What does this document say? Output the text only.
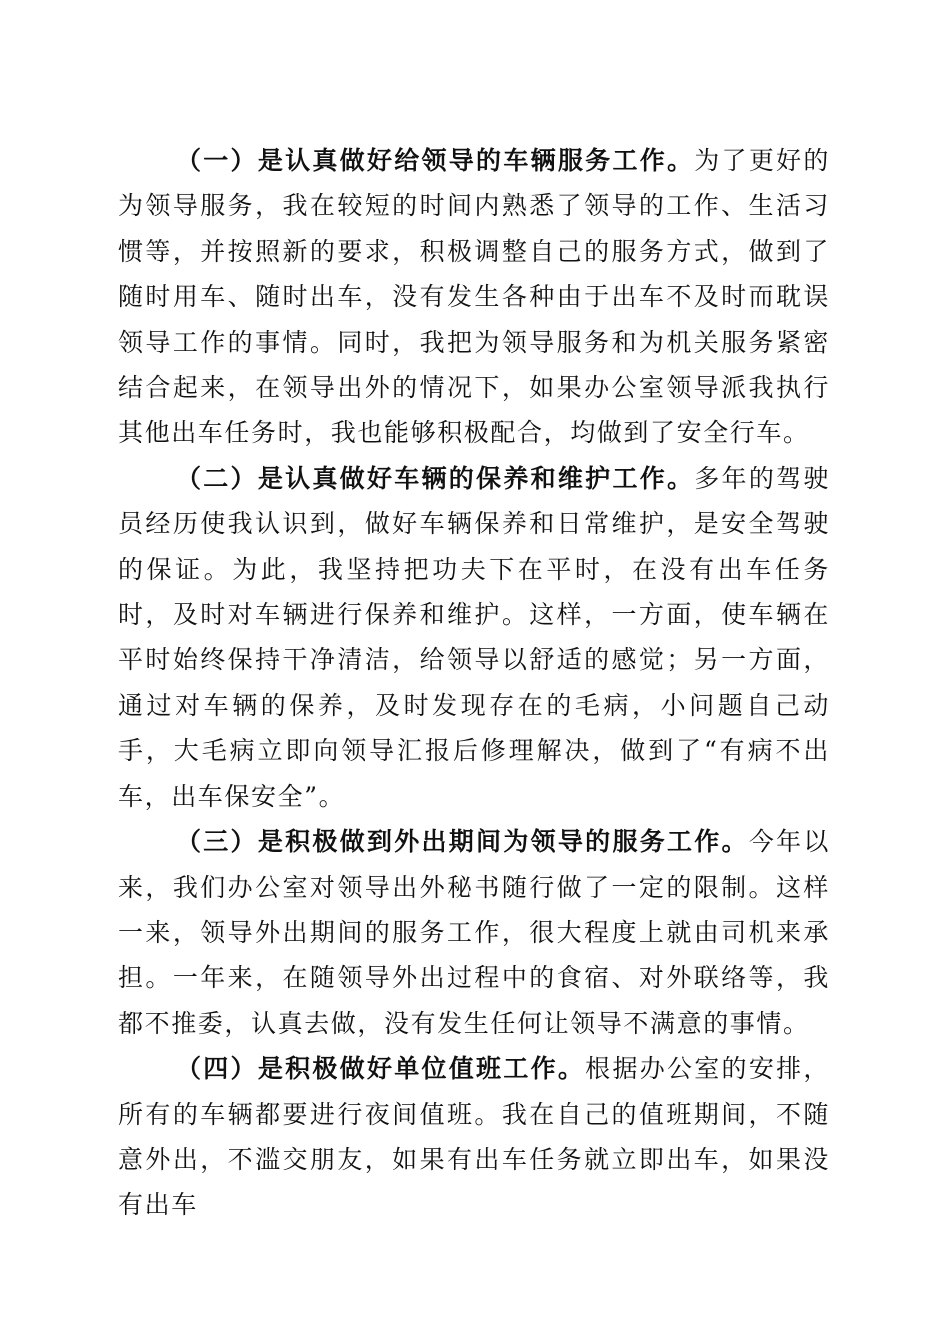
（一）是认真做好给领导的车辆服务工作。为了更好的为领导服务，我在较短的时间内熟悉了领导的工作、生活习惯等，并按照新的要求，积极调整自己的服务方式，做到了随时用车、随时出车，没有发生各种由于出车不及时而耽误领导工作的事情。同时，我把为领导服务和为机关服务紧密结合起来，在领导出外的情况下，如果办公室领导派我执行其他出车任务时，我也能够积极配合，均做到了安全行车。

（二）是认真做好车辆的保养和维护工作。多年的驾驶员经历使我认识到，做好车辆保养和日常维护，是安全驾驶的保证。为此，我坚持把功夫下在平时，在没有出车任务时，及时对车辆进行保养和维护。这样，一方面，使车辆在平时始终保持干净清洁，给领导以舒适的感觉；另一方面，通过对车辆的保养，及时发现存在的毛病，小问题自己动手，大毛病立即向领导汇报后修理解决，做到了“有病不出车，出车保安全”。

（三）是积极做到外出期间为领导的服务工作。今年以来，我们办公室对领导出外秘书随行做了一定的限制。这样一来，领导外出期间的服务工作，很大程度上就由司机来承担。一年来，在随领导外出过程中的食宿、对外联络等，我都不推委，认真去做，没有发生任何让领导不满意的事情。

（四）是积极做好单位值班工作。根据办公室的安排，所有的车辆都要进行夜间值班。我在自己的值班期间，不随意外出，不滥交朋友，如果有出车任务就立即出车，如果没有出车
